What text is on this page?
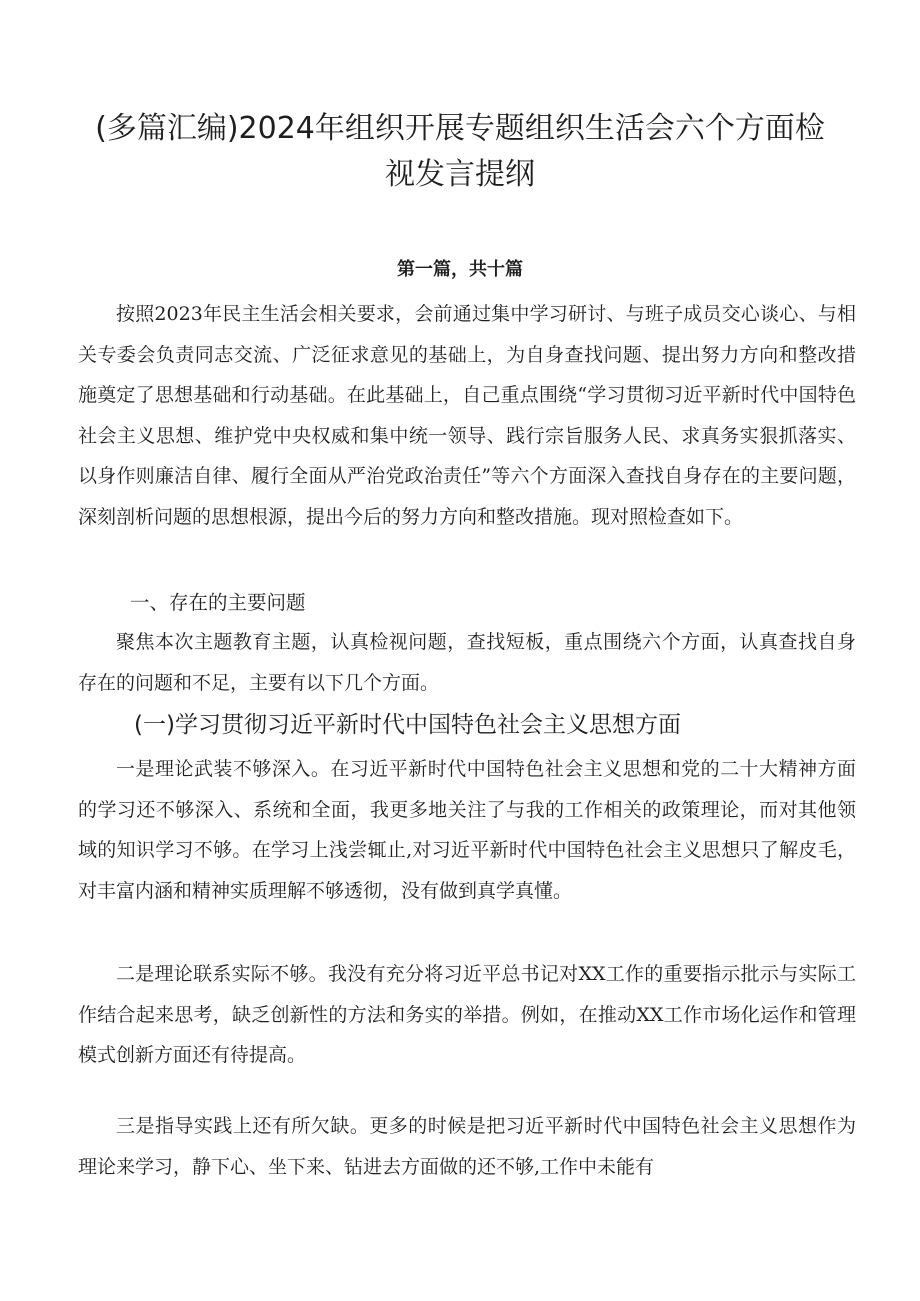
(多篇汇编)2024年组织开展专题组织生活会六个方面检视发言提纲
第一篇，共十篇

按照2023年民主生活会相关要求，会前通过集中学习研讨、与班子成员交心谈心、与相关专委会负责同志交流、广泛征求意见的基础上，为自身查找问题、提出努力方向和整改措施奠定了思想基础和行动基础。在此基础上，自己重点围绕“学习贯彻习近平新时代中国特色社会主义思想、维护党中央权威和集中统一领导、践行宗旨服务人民、求真务实狠抓落实、以身作则廉洁自律、履行全面从严治党政治责任”等六个方面深入查找自身存在的主要问题，深刻剖析问题的思想根源，提出今后的努力方向和整改措施。现对照检查如下。

一、存在的主要问题

聚焦本次主题教育主题，认真检视问题，查找短板，重点围绕六个方面，认真查找自身存在的问题和不足，主要有以下几个方面。

(一)学习贯彻习近平新时代中国特色社会主义思想方面

一是理论武装不够深入。在习近平新时代中国特色社会主义思想和党的二十大精神方面的学习还不够深入、系统和全面，我更多地关注了与我的工作相关的政策理论，而对其他领域的知识学习不够。在学习上浅尝辄止,对习近平新时代中国特色社会主义思想只了解皮毛，对丰富内涵和精神实质理解不够透彻，没有做到真学真懂。

二是理论联系实际不够。我没有充分将习近平总书记对XX工作的重要指示批示与实际工作结合起来思考，缺乏创新性的方法和务实的举措。例如，在推动XX工作市场化运作和管理模式创新方面还有待提高。

三是指导实践上还有所欠缺。更多的时候是把习近平新时代中国特色社会主义思想作为理论来学习，静下心、坐下来、钻进去方面做的还不够,工作中未能有
